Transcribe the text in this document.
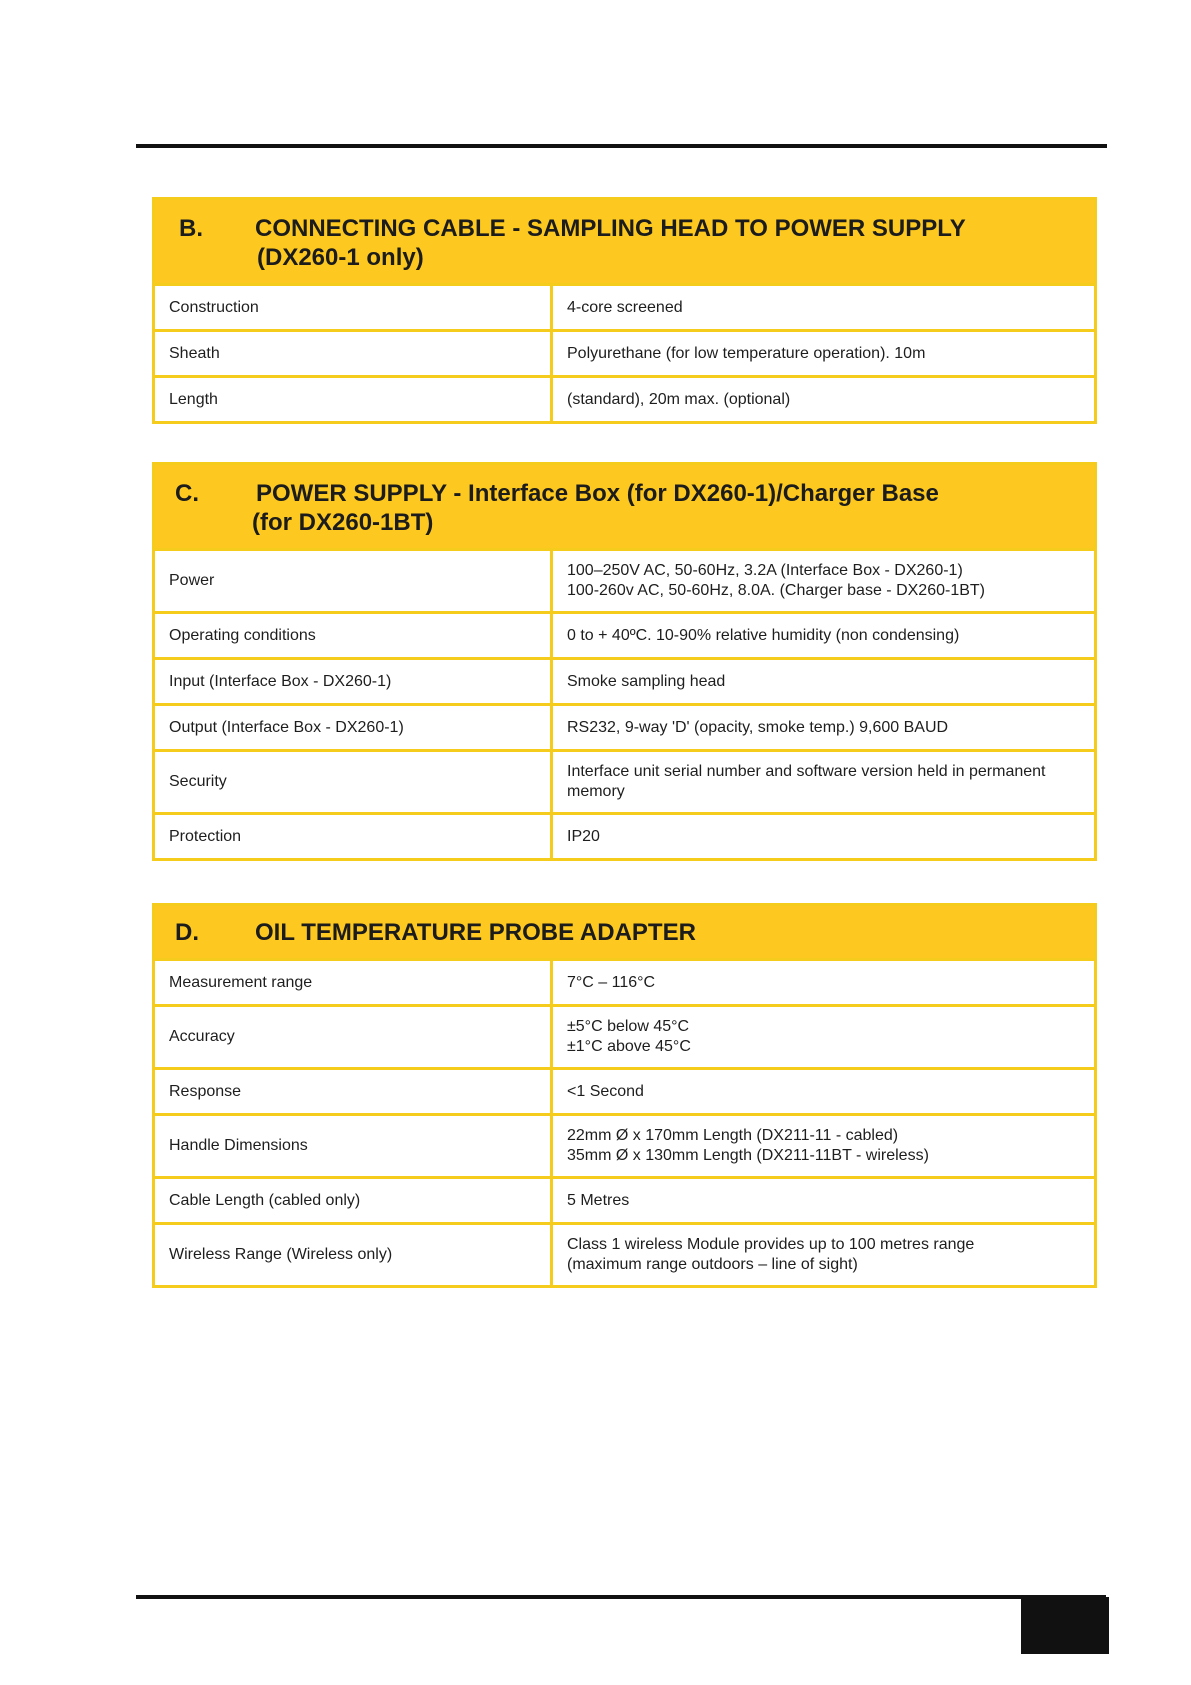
B. CONNECTING CABLE - SAMPLING HEAD TO POWER SUPPLY
(DX260-1 only)
Construction	4-core screened
Sheath	Polyurethane (for low temperature operation). 10m
Length	(standard), 20m max. (optional)
C. POWER SUPPLY - Interface Box (for DX260-1)/Charger Base
(for DX260-1BT)
Power	100–250V AC, 50-60Hz, 3.2A (Interface Box - DX260-1)
100-260v AC, 50-60Hz, 8.0A. (Charger base - DX260-1BT)

Operating conditions	0 to + 40ºC. 10-90% relative humidity (non condensing)
Input (Interface Box - DX260-1)	Smoke sampling head
Output (Interface Box - DX260-1)	RS232, 9-way 'D' (opacity, smoke temp.) 9,600 BAUD
Security	Interface unit serial number and software version held in permanent memory
Protection	IP20
D. OIL TEMPERATURE PROBE ADAPTER
Measurement range	7°C – 116°C
Accuracy	±5°C below 45°C
±1°C above 45°C

Response	<1 Second
Handle Dimensions	22mm Ø x 170mm Length (DX211-11 - cabled)
35mm Ø x 130mm Length (DX211-11BT - wireless)

Cable Length (cabled only)	5 Metres
Wireless Range (Wireless only)	Class 1 wireless Module provides up to 100 metres range
(maximum range outdoors – line of sight)
